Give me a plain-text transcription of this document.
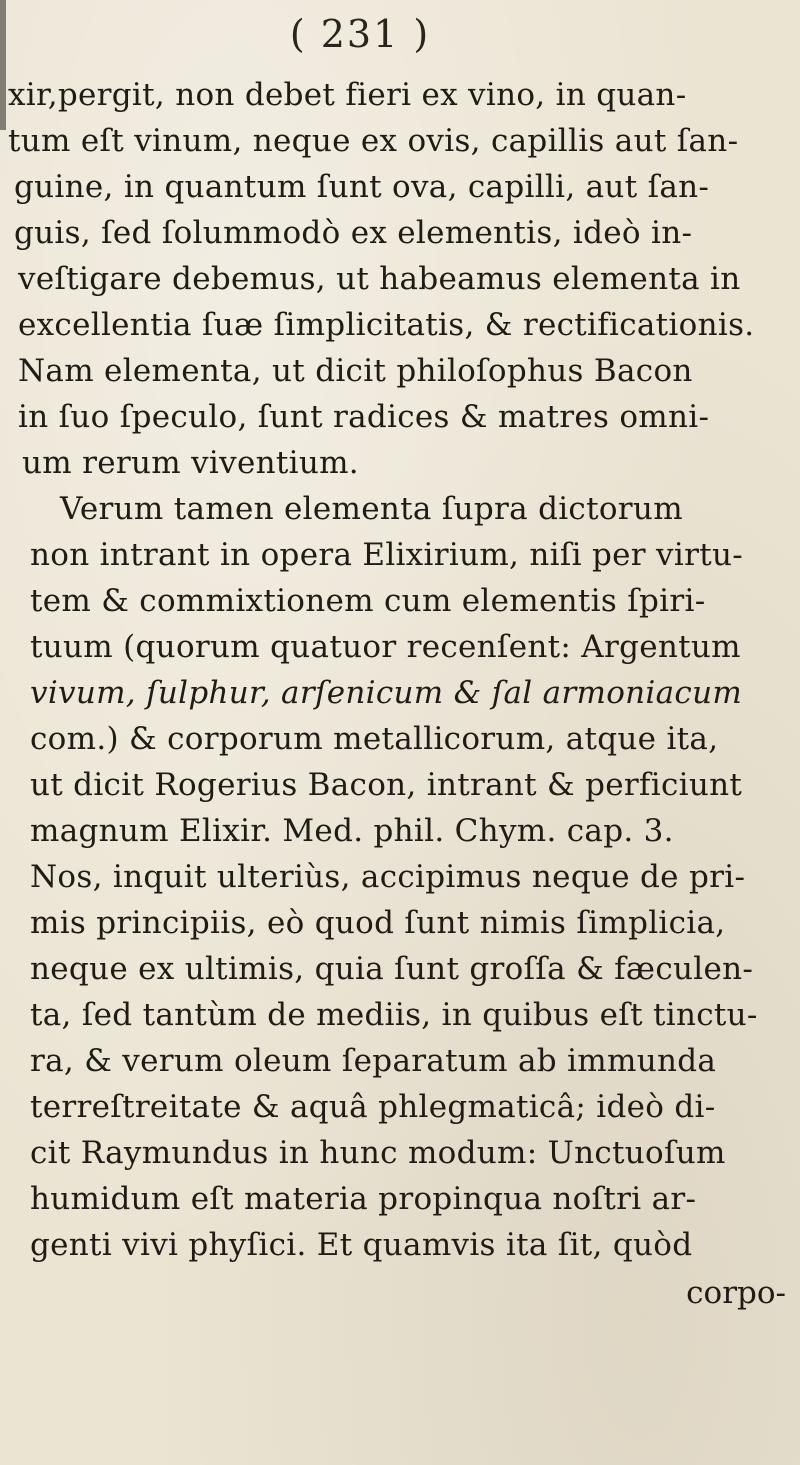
( 231 )
xir,pergit, non debet fieri ex vino, in quan-
tum eſt vinum, neque ex ovis, capillis aut ſan-
guine, in quantum ſunt ova, capilli, aut ſan-
guis, ſed ſolummodò ex elementis, ideò in-
veſtigare debemus, ut habeamus elementa in
excellentia ſuæ ſimplicitatis, & rectificationis.
Nam elementa, ut dicit philoſophus Bacon
in ſuo ſpeculo, ſunt radices & matres omni-
um rerum viventium.
Verum tamen elementa ſupra dictorum
non intrant in opera Elixirium, niſi per virtu-
tem & commixtionem cum elementis ſpiri-
tuum (quorum quatuor recenſent: Argentum
vivum, ſulphur, arſenicum & ſal armoniacum
com.) & corporum metallicorum, atque ita,
ut dicit Rogerius Bacon, intrant & perficiunt
magnum Elixir. Med. phil. Chym. cap. 3.
Nos, inquit ulteriùs, accipimus neque de pri-
mis principiis, eò quod ſunt nimis ſimplicia,
neque ex ultimis, quia ſunt groſſa & fæculen-
ta, ſed tantùm de mediis, in quibus eſt tinctu-
ra, & verum oleum ſeparatum ab immunda
terreſtreitate & aquâ phlegmaticâ; ideò di-
cit Raymundus in hunc modum: Unctuoſum
humidum eſt materia propinqua noſtri ar-
genti vivi phyſici. Et quamvis ita ſit, quòd
corpo-
